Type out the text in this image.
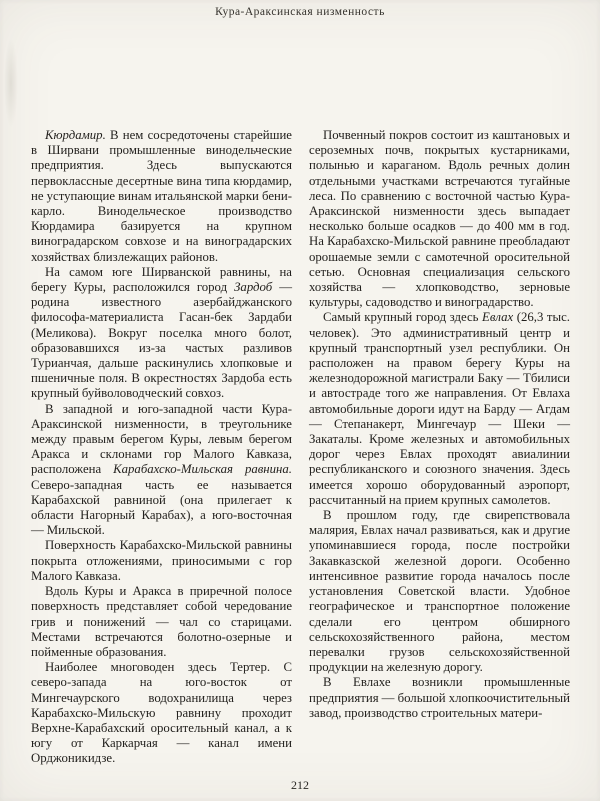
Кура-Араксинская низменность

Кюрдамир. В нем сосредоточены старейшие в Ширвани промышленные винодельческие предприятия. Здесь выпускаются первоклассные десертные вина типа кюрдамир, не уступающие винам итальянской марки бени-карло. Винодельческое производство Кюрдамира базируется на крупном виноградарском совхозе и на виноградарских хозяйствах близлежащих районов.

На самом юге Ширванской равнины, на берегу Куры, расположился город Зардоб — родина известного азербайджанского философа-материалиста Гасан-бек Зардаби (Меликова). Вокруг поселка много болот, образовавшихся из-за частых разливов Турианчая, дальше раскинулись хлопковые и пшеничные поля. В окрестностях Зардоба есть крупный буйволоводческий совхоз.

В западной и юго-западной части Кура-Араксинской низменности, в треугольнике между правым берегом Куры, левым берегом Аракса и склонами гор Малого Кавказа, расположена Карабахско-Мильская равнина. Северо-западная часть ее называется Карабахской равниной (она прилегает к области Нагорный Карабах), а юго-восточная — Мильской.

Поверхность Карабахско-Мильской равнины покрыта отложениями, приносимыми с гор Малого Кавказа.

Вдоль Куры и Аракса в приречной полосе поверхность представляет собой чередование грив и понижений — чал со старицами. Местами встречаются болотно-озерные и пойменные образования.

Наиболее многоводен здесь Тертер. С северо-запада на юго-восток от Мингечаурского водохранилища через Карабахско-Мильскую равнину проходит Верхне-Карабахский оросительный канал, а к югу от Каркарчая — канал имени Орджоникидзе.

Почвенный покров состоит из каштановых и сероземных почв, покрытых кустарниками, полынью и караганом. Вдоль речных долин отдельными участками встречаются тугайные леса. По сравнению с восточной частью Кура-Араксинской низменности здесь выпадает несколько больше осадков — до 400 мм в год. На Карабахско-Мильской равнине преобладают орошаемые земли с самотечной оросительной сетью. Основная специализация сельского хозяйства — хлопководство, зерновые культуры, садоводство и виноградарство.

Самый крупный город здесь Евлах (26,3 тыс. человек). Это административный центр и крупный транспортный узел республики. Он расположен на правом берегу Куры на железнодорожной магистрали Баку — Тбилиси и автостраде того же направления. От Евлаха автомобильные дороги идут на Барду — Агдам — Степанакерт, Мингечаур — Шеки — Закаталы. Кроме железных и автомобильных дорог через Евлах проходят авиалинии республиканского и союзного значения. Здесь имеется хорошо оборудованный аэропорт, рассчитанный на прием крупных самолетов.

В прошлом году, где свирепствовала малярия, Евлах начал развиваться, как и другие упоминавшиеся города, после постройки Закавказской железной дороги. Особенно интенсивное развитие города началось после установления Советской власти. Удобное географическое и транспортное положение сделали его центром обширного сельскохозяйственного района, местом перевалки грузов сельскохозяйственной продукции на железную дорогу.

В Евлахе возникли промышленные предприятия — большой хлопкоочистительный завод, производство строительных матери-

212
